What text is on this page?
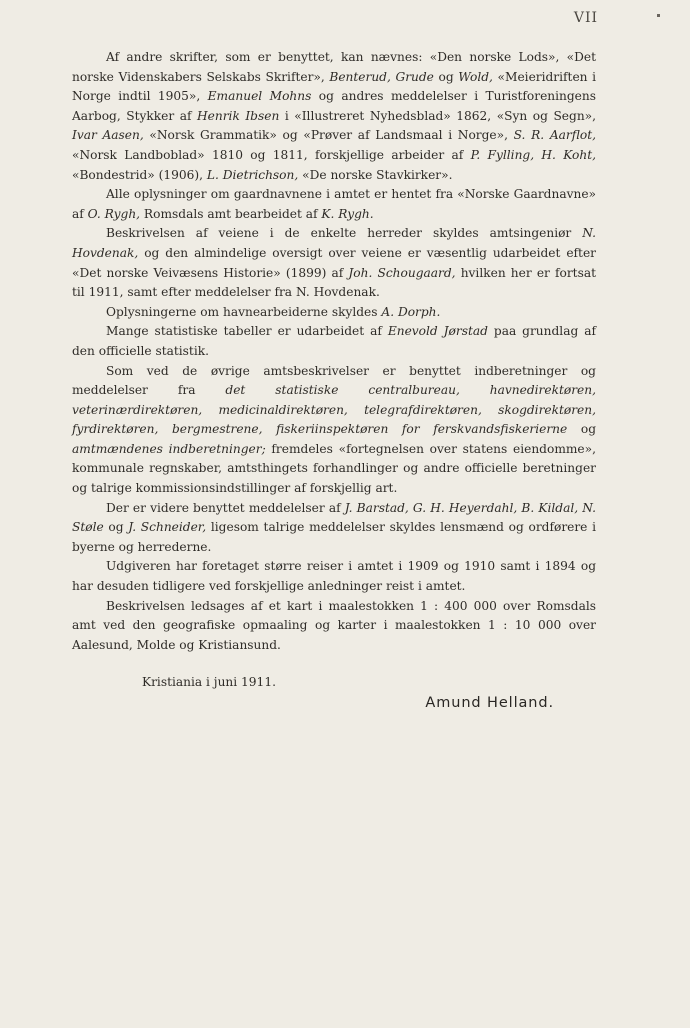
VII

Af andre skrifter, som er benyttet, kan nævnes: «Den norske Lods», «Det norske Videnskabers Selskabs Skrifter», Benterud, Grude og Wold, «Meieridriften i Norge indtil 1905», Emanuel Mohns og andres meddelelser i Turistforeningens Aarbog, Stykker af Henrik Ibsen i «Illustreret Nyhedsblad» 1862, «Syn og Segn», Ivar Aasen, «Norsk Grammatik» og «Prøver af Landsmaal i Norge», S. R. Aarflot, «Norsk Landboblad» 1810 og 1811, forskjellige arbeider af P. Fylling, H. Koht, «Bondestrid» (1906), L. Dietrichson, «De norske Stavkirker».

Alle oplysninger om gaardnavnene i amtet er hentet fra «Norske Gaardnavne» af O. Rygh, Romsdals amt bearbeidet af K. Rygh.

Beskrivelsen af veiene i de enkelte herreder skyldes amtsingeniør N. Hovdenak, og den almindelige oversigt over veiene er væsentlig udarbeidet efter «Det norske Veivæsens Historie» (1899) af Joh. Schougaard, hvilken her er fortsat til 1911, samt efter meddelelser fra N. Hovdenak.

Oplysningerne om havnearbeiderne skyldes A. Dorph.

Mange statistiske tabeller er udarbeidet af Enevold Jørstad paa grundlag af den officielle statistik.

Som ved de øvrige amtsbeskrivelser er benyttet indberetninger og meddelelser fra det statistiske centralbureau, havnedirektøren, veterinærdirektøren, medicinaldirektøren, telegrafdirektøren, skogdirektøren, fyrdirektøren, bergmestrene, fiskeriinspektøren for ferskvandsfiskerierne og amtmændenes indberetninger; fremdeles «fortegnelsen over statens eiendomme», kommunale regnskaber, amtsthingets forhandlinger og andre officielle beretninger og talrige kommissionsindstillinger af forskjellig art.

Der er videre benyttet meddelelser af J. Barstad, G. H. Heyerdahl, B. Kildal, N. Støle og J. Schneider, ligesom talrige meddelelser skyldes lensmænd og ordførere i byerne og herrederne.

Udgiveren har foretaget større reiser i amtet i 1909 og 1910 samt i 1894 og har desuden tidligere ved forskjellige anledninger reist i amtet.

Beskrivelsen ledsages af et kart i maalestokken 1 : 400 000 over Romsdals amt ved den geografiske opmaaling og karter i maalestokken 1 : 10 000 over Aalesund, Molde og Kristiansund.

Kristiania i juni 1911.

Amund Helland.
